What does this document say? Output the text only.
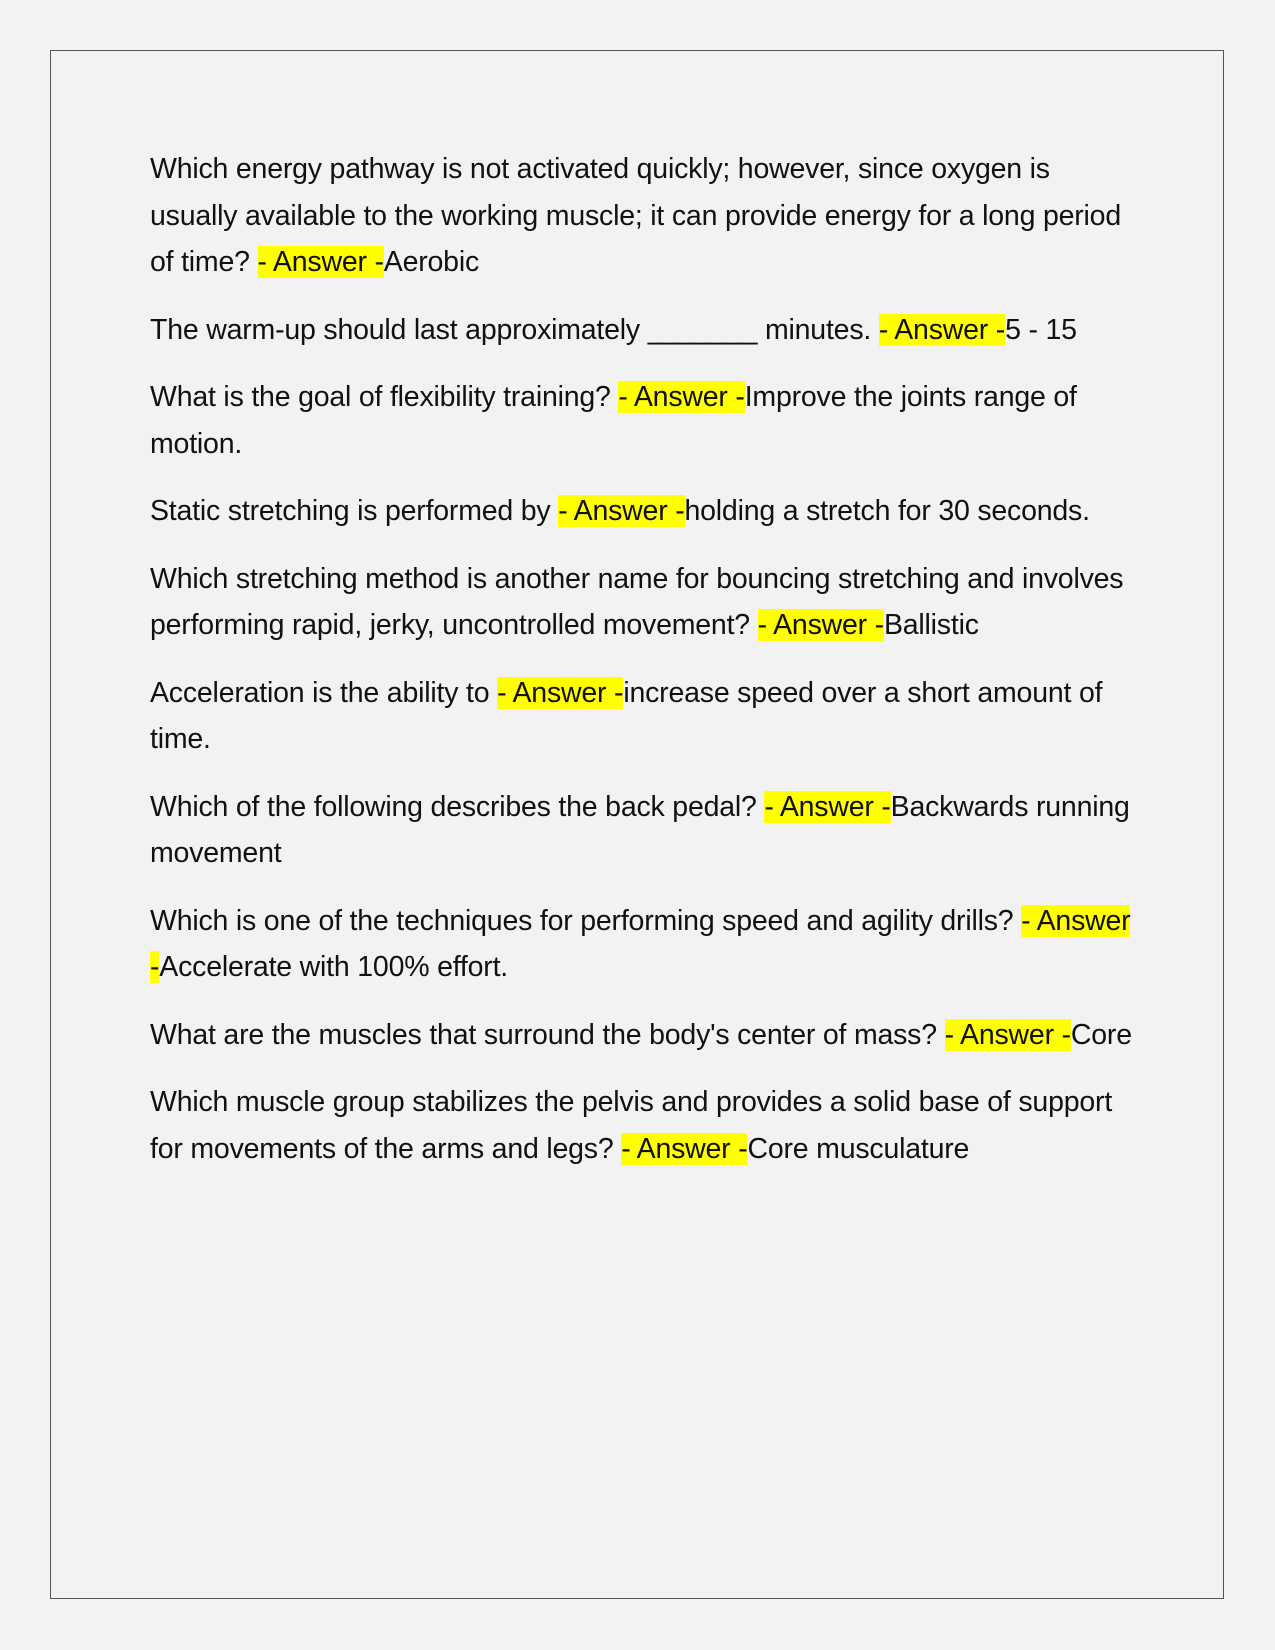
Which energy pathway is not activated quickly; however, since oxygen is usually available to the working muscle; it can provide energy for a long period of time? - Answer -Aerobic

The warm-up should last approximately _______ minutes. - Answer -5 - 15

What is the goal of flexibility training? - Answer -Improve the joints range of motion.

Static stretching is performed by - Answer -holding a stretch for 30 seconds.

Which stretching method is another name for bouncing stretching and involves performing rapid, jerky, uncontrolled movement? - Answer -Ballistic

Acceleration is the ability to - Answer -increase speed over a short amount of time.

Which of the following describes the back pedal? - Answer -Backwards running movement

Which is one of the techniques for performing speed and agility drills? - Answer -Accelerate with 100% effort.

What are the muscles that surround the body's center of mass? - Answer -Core

Which muscle group stabilizes the pelvis and provides a solid base of support for movements of the arms and legs? - Answer -Core musculature
